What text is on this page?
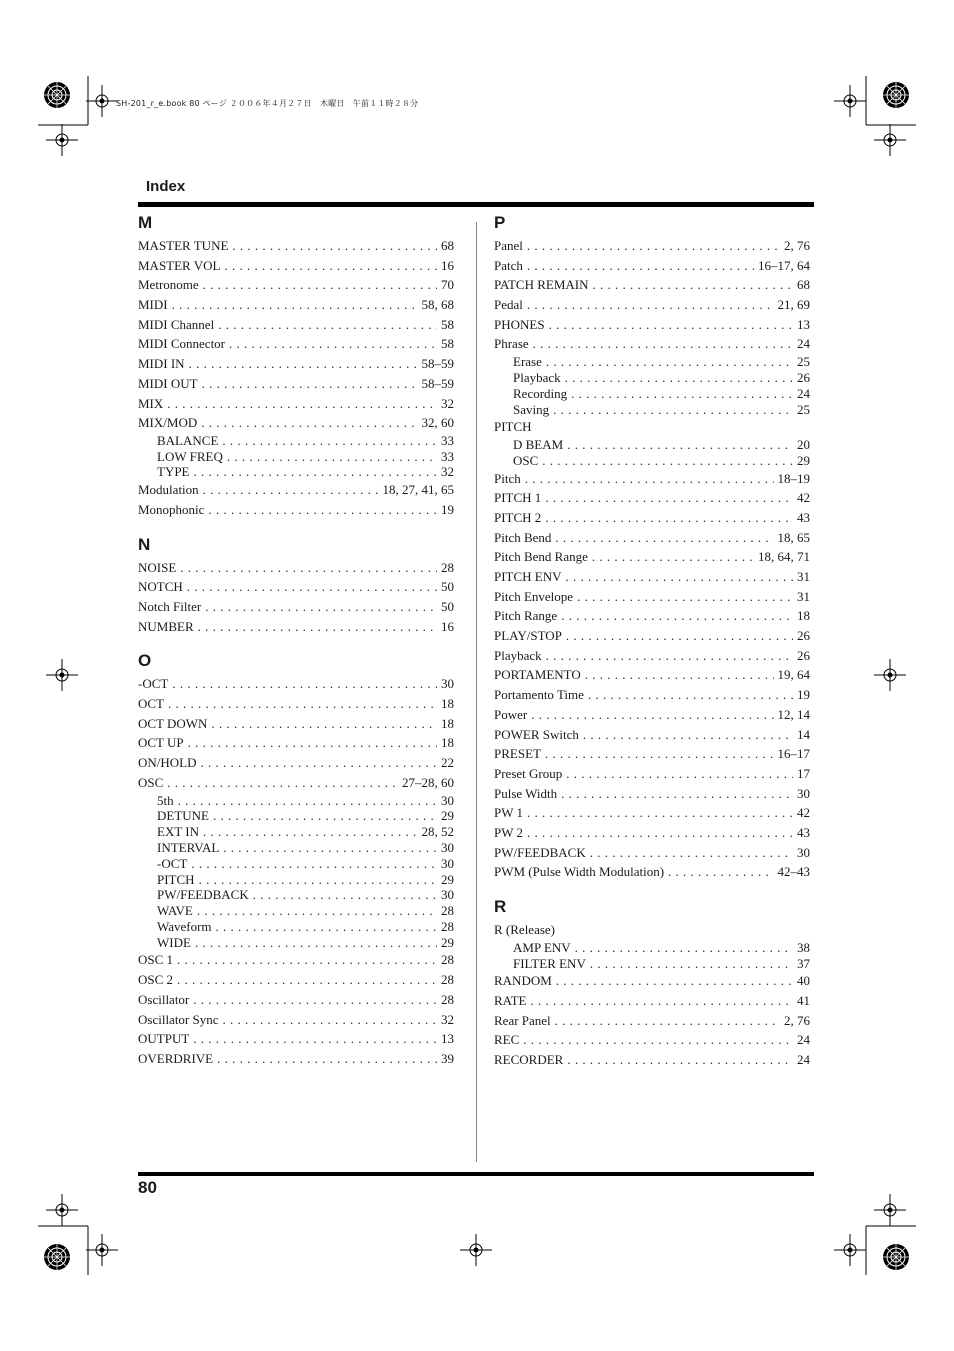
SH-201_r_e.book 80 ページ ２００６年４月２７日　木曜日　午前１１時２８分
Index
M
MASTER TUNE . . .	68
MASTER VOL . . .	16
Metronome . . .	70
MIDI . . .	58, 68
MIDI Channel . . .	58
MIDI Connector . . .	58
MIDI IN . . .	58–59
MIDI OUT . . .	58–59
MIX . . .	32
MIX/MOD . . .	32, 60
BALANCE . . .	33
LOW FREQ . . .	33
TYPE . . .	32
Modulation . . .	18, 27, 41, 65
Monophonic . . .	19
N
NOISE . . .	28
NOTCH . . .	50
Notch Filter . . .	50
NUMBER . . .	16
O
-OCT . . .	30
OCT . . .	18
OCT DOWN . . .	18
OCT UP . . .	18
ON/HOLD . . .	22
OSC . . .	27–28, 60
5th . . .	30
DETUNE . . .	29
EXT IN . . .	28, 52
INTERVAL . . .	30
-OCT . . .	30
PITCH . . .	29
PW/FEEDBACK . . .	30
WAVE . . .	28
Waveform . . .	28
WIDE . . .	29
OSC 1 . . .	28
OSC 2 . . .	28
Oscillator . . .	28
Oscillator Sync . . .	32
OUTPUT . . .	13
OVERDRIVE . . .	39
P
Panel . . .	2, 76
Patch . . .	16–17, 64
PATCH REMAIN . . .	68
Pedal . . .	21, 69
PHONES . . .	13
Phrase . . .	24
Erase . . .	25
Playback . . .	26
Recording . . .	24
Saving . . .	25
PITCH
D BEAM . . .	20
OSC . . .	29
Pitch . . .	18–19
PITCH 1 . . .	42
PITCH 2 . . .	43
Pitch Bend . . .	18, 65
Pitch Bend Range . . .	18, 64, 71
PITCH ENV . . .	31
Pitch Envelope . . .	31
Pitch Range . . .	18
PLAY/STOP . . .	26
Playback . . .	26
PORTAMENTO . . .	19, 64
Portamento Time . . .	19
Power . . .	12, 14
POWER Switch . . .	14
PRESET . . .	16–17
Preset Group . . .	17
Pulse Width . . .	30
PW 1 . . .	42
PW 2 . . .	43
PW/FEEDBACK . . .	30
PWM (Pulse Width Modulation) . . .	42–43
R
R (Release)
AMP ENV . . .	38
FILTER ENV . . .	37
RANDOM . . .	40
RATE . . .	41
Rear Panel . . .	2, 76
REC . . .	24
RECORDER . . .	24
80
